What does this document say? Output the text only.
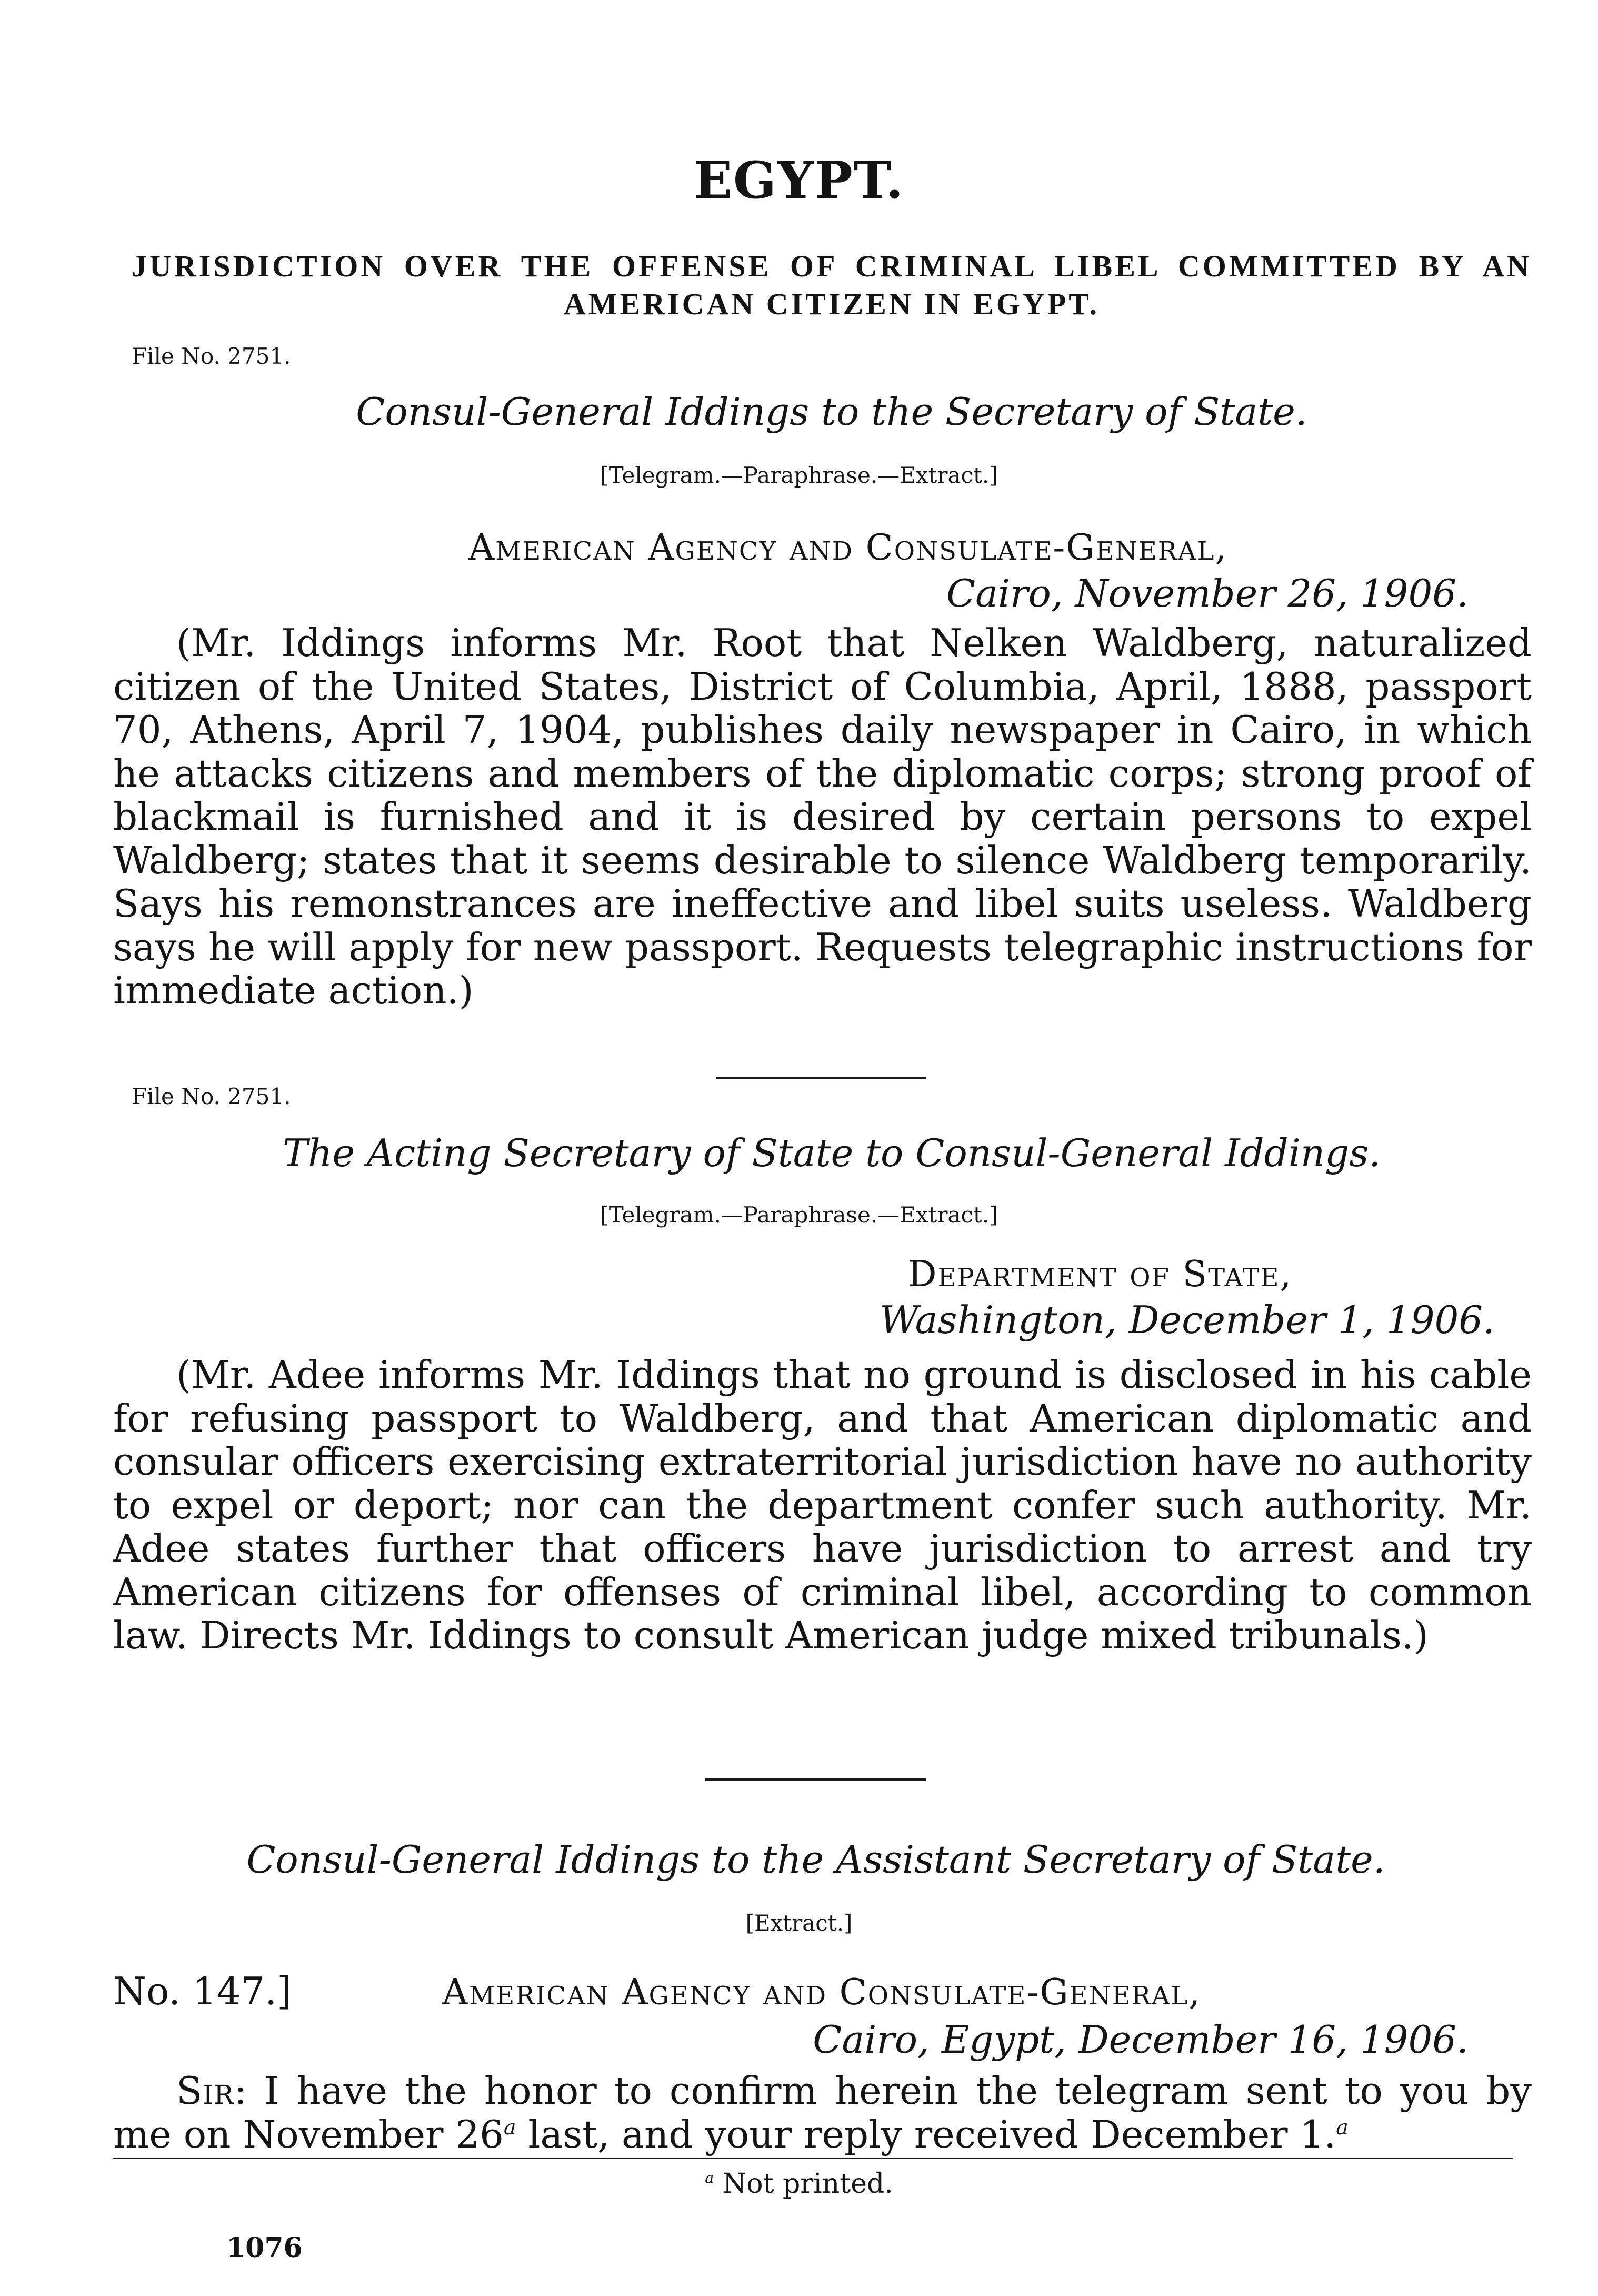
EGYPT.
JURISDICTION OVER THE OFFENSE OF CRIMINAL LIBEL COMMITTED BY AN AMERICAN CITIZEN IN EGYPT.
File No. 2751.
Consul-General Iddings to the Secretary of State.
[Telegram.—Paraphrase.—Extract.]
American Agency and Consulate-General,
Cairo, November 26, 1906.

(Mr. Iddings informs Mr. Root that Nelken Waldberg, naturalized citizen of the United States, District of Columbia, April, 1888, passport 70, Athens, April 7, 1904, publishes daily newspaper in Cairo, in which he attacks citizens and members of the diplomatic corps; strong proof of blackmail is furnished and it is desired by certain persons to expel Waldberg; states that it seems desirable to silence Waldberg temporarily. Says his remonstrances are ineffective and libel suits useless. Waldberg says he will apply for new passport. Requests telegraphic instructions for immediate action.)

File No. 2751.
The Acting Secretary of State to Consul-General Iddings.
[Telegram.—Paraphrase.—Extract.]
Department of State,
Washington, December 1, 1906.

(Mr. Adee informs Mr. Iddings that no ground is disclosed in his cable for refusing passport to Waldberg, and that American diplomatic and consular officers exercising extraterritorial jurisdiction have no authority to expel or deport; nor can the department confer such authority. Mr. Adee states further that officers have jurisdiction to arrest and try American citizens for offenses of criminal libel, according to common law. Directs Mr. Iddings to consult American judge mixed tribunals.)

Consul-General Iddings to the Assistant Secretary of State.
[Extract.]
No. 147.]	American Agency and Consulate-General,
Cairo, Egypt, December 16, 1906.

Sir: I have the honor to confirm herein the telegram sent to you by me on November 26$^a$ last, and your reply received December 1.$^a$

$^a$ Not printed.
1076
